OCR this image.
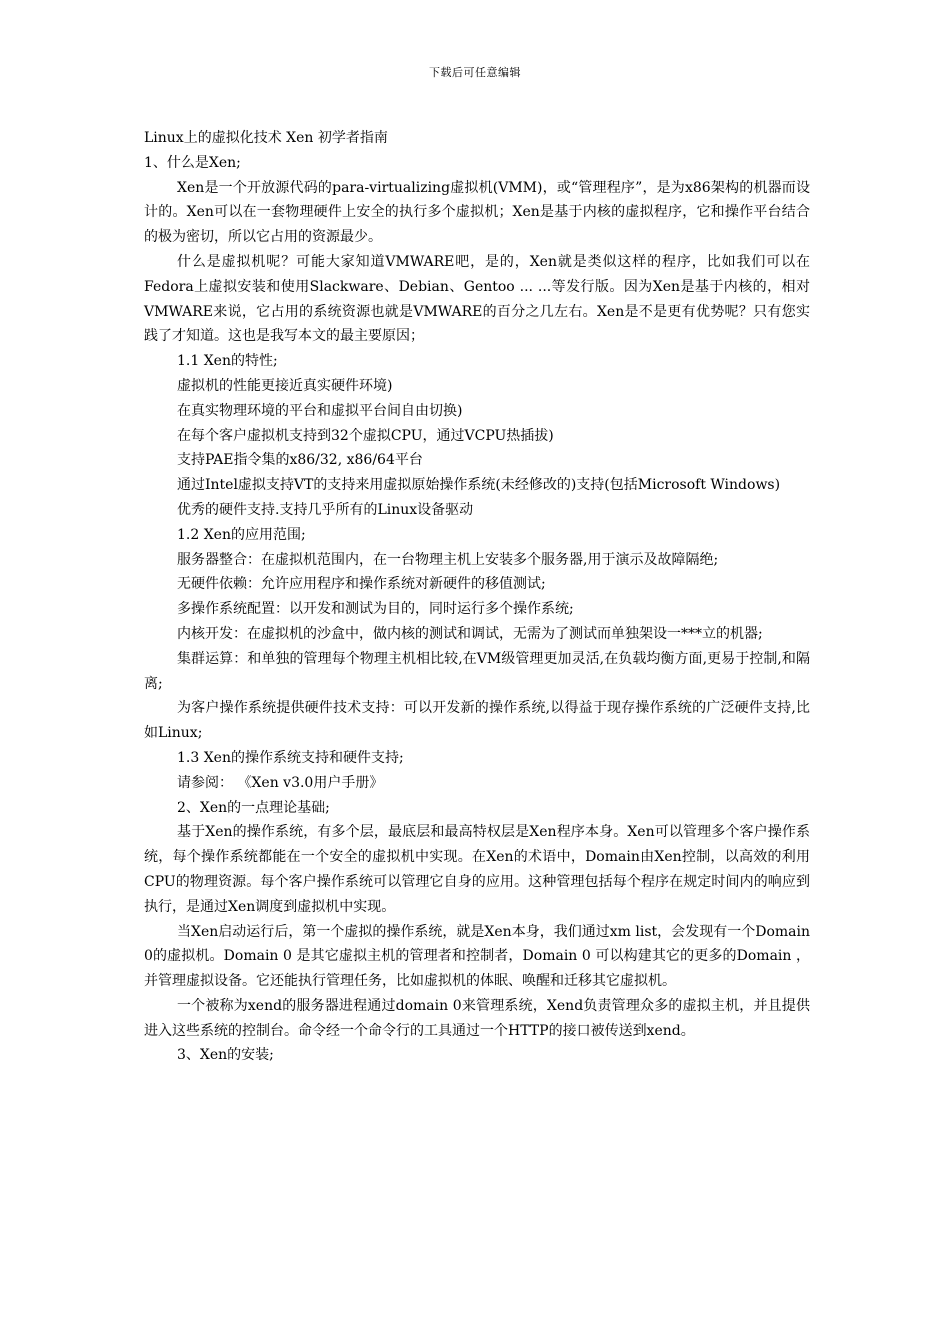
下载后可任意编辑

Linux上的虚拟化技术 Xen 初学者指南

1、什么是Xen;

Xen是一个开放源代码的para-virtualizing虚拟机(VMM)，或“管理程序”，是为x86架构的机器而设计的。Xen可以在一套物理硬件上安全的执行多个虚拟机；Xen是基于内核的虚拟程序，它和操作平台结合的极为密切，所以它占用的资源最少。

什么是虚拟机呢？可能大家知道VMWARE吧，是的，Xen就是类似这样的程序，比如我们可以在Fedora上虚拟安装和使用Slackware、Debian、Gentoo ... ...等发行版。因为Xen是基于内核的，相对VMWARE来说，它占用的系统资源也就是VMWARE的百分之几左右。Xen是不是更有优势呢？只有您实践了才知道。这也是我写本文的最主要原因；

1.1 Xen的特性;

虚拟机的性能更接近真实硬件环境)

在真实物理环境的平台和虚拟平台间自由切换)

在每个客户虚拟机支持到32个虚拟CPU，通过VCPU热插拔)

支持PAE指令集的x86/32, x86/64平台

通过Intel虚拟支持VT的支持来用虚拟原始操作系统(未经修改的)支持(包括Microsoft Windows)

优秀的硬件支持.支持几乎所有的Linux设备驱动

1.2 Xen的应用范围;

服务器整合：在虚拟机范围内，在一台物理主机上安装多个服务器,用于演示及故障隔绝;

无硬件依赖：允许应用程序和操作系统对新硬件的移值测试;

多操作系统配置：以开发和测试为目的，同时运行多个操作系统;

内核开发：在虚拟机的沙盒中，做内核的测试和调试，无需为了测试而单独架设一***立的机器;

集群运算：和单独的管理每个物理主机相比较,在VM级管理更加灵活,在负载均衡方面,更易于控制,和隔离;

为客户操作系统提供硬件技术支持：可以开发新的操作系统,以得益于现存操作系统的广泛硬件支持,比如Linux;

1.3 Xen的操作系统支持和硬件支持;

请参阅： 《Xen v3.0用户手册》

2、Xen的一点理论基础;

基于Xen的操作系统，有多个层，最底层和最高特权层是Xen程序本身。Xen可以管理多个客户操作系统，每个操作系统都能在一个安全的虚拟机中实现。在Xen的术语中，Domain由Xen控制，以高效的利用CPU的物理资源。每个客户操作系统可以管理它自身的应用。这种管理包括每个程序在规定时间内的响应到执行，是通过Xen调度到虚拟机中实现。

当Xen启动运行后，第一个虚拟的操作系统，就是Xen本身，我们通过xm list，会发现有一个Domain 0的虚拟机。Domain 0 是其它虚拟主机的管理者和控制者，Domain 0 可以构建其它的更多的Domain ，并管理虚拟设备。它还能执行管理任务，比如虚拟机的体眠、唤醒和迁移其它虚拟机。

一个被称为xend的服务器进程通过domain 0来管理系统，Xend负责管理众多的虚拟主机，并且提供进入这些系统的控制台。命令经一个命令行的工具通过一个HTTP的接口被传送到xend。

3、Xen的安装;
